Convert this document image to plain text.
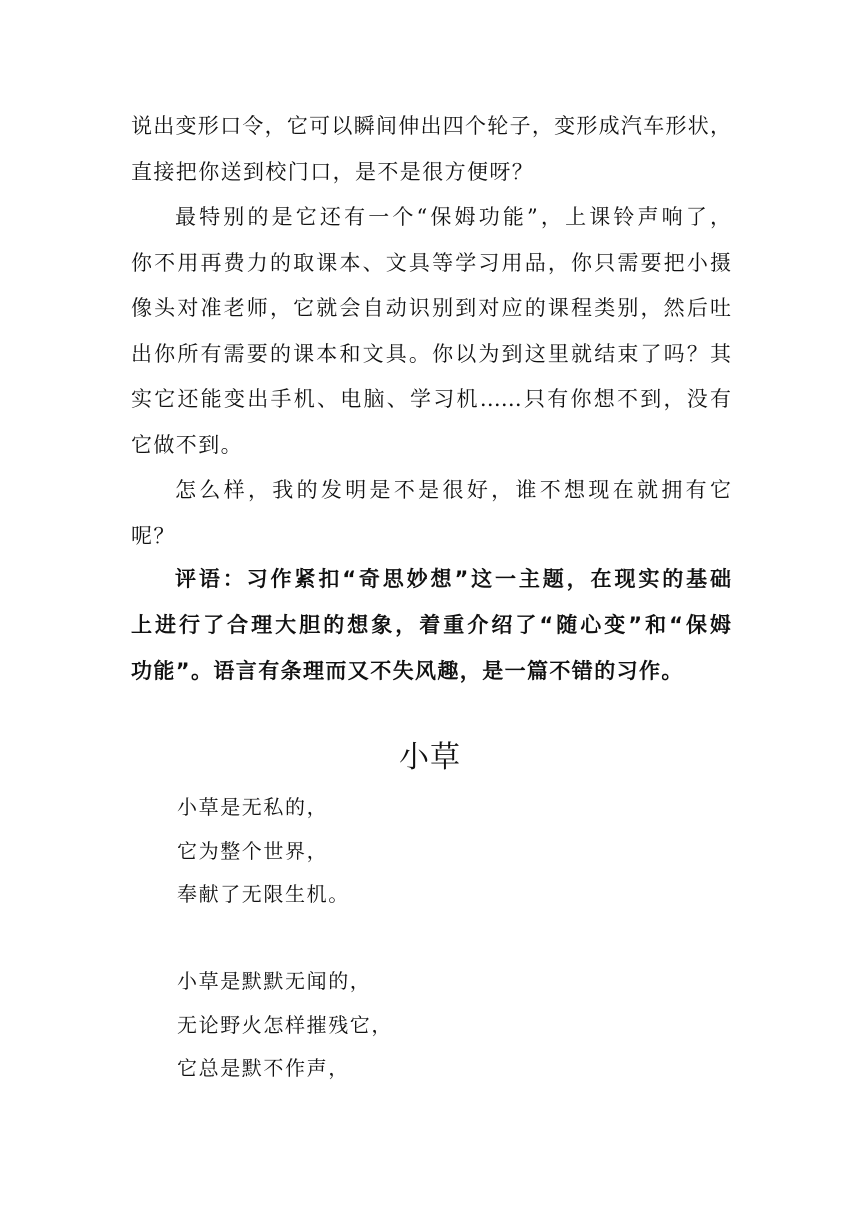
说出变形口令，它可以瞬间伸出四个轮子，变形成汽车形状，
直接把你送到校门口，是不是很方便呀？
最特别的是它还有一个“保姆功能”，上课铃声响了，
你不用再费力的取课本、文具等学习用品，你只需要把小摄
像头对准老师，它就会自动识别到对应的课程类别，然后吐
出你所有需要的课本和文具。你以为到这里就结束了吗？其
实它还能变出手机、电脑、学习机……只有你想不到，没有
它做不到。
怎么样，我的发明是不是很好，谁不想现在就拥有它
呢？
评语：习作紧扣“奇思妙想”这一主题，在现实的基础
上进行了合理大胆的想象，着重介绍了“随心变”和“保姆
功能”。语言有条理而又不失风趣，是一篇不错的习作。
小草
小草是无私的，
它为整个世界，
奉献了无限生机。
小草是默默无闻的，
无论野火怎样摧残它，
它总是默不作声，
